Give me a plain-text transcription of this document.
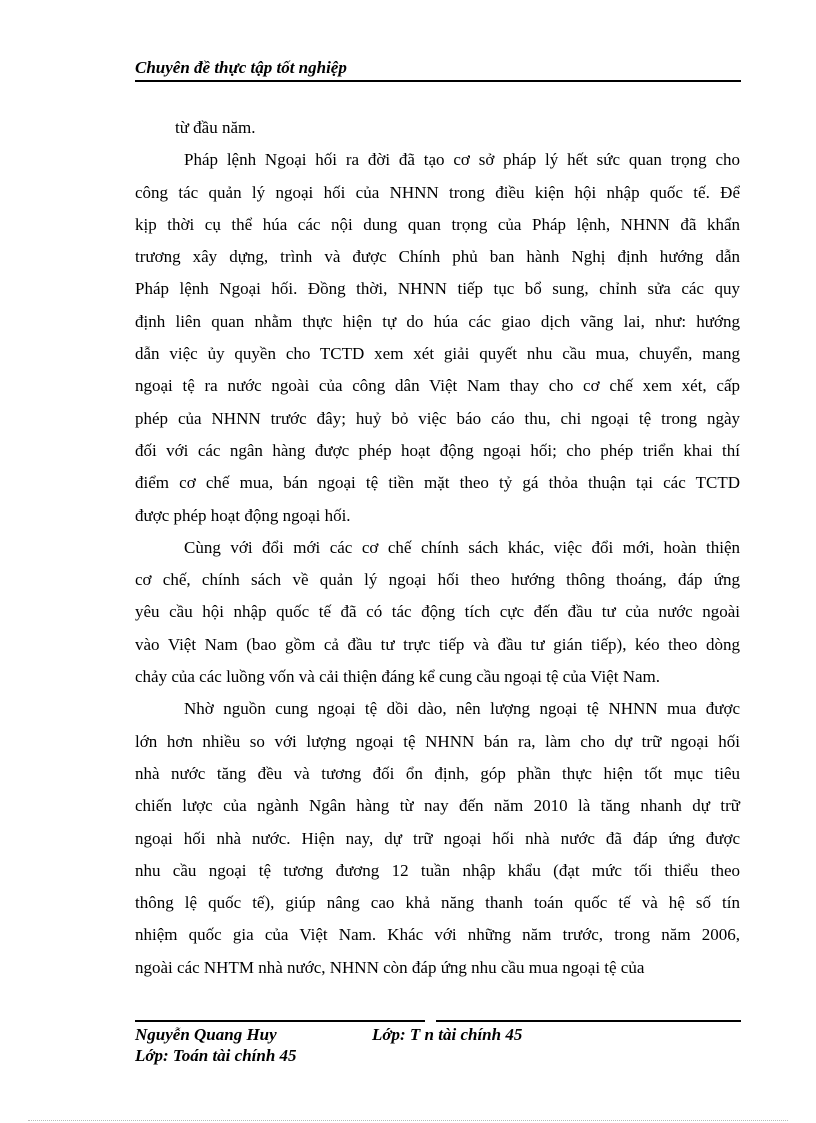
Chuyên đề thực tập tốt nghiệp

từ đầu năm.

Pháp lệnh Ngoại hối ra đời đã tạo cơ sở pháp lý hết sức quan trọng cho
công tác quản lý ngoại hối của NHNN trong điều kiện hội nhập quốc tế. Để
kịp thời cụ thể húa các nội dung quan trọng của Pháp lệnh, NHNN đã khẩn
trương xây dựng, trình và được Chính phủ ban hành Nghị định hướng dẫn
Pháp lệnh Ngoại hối. Đồng thời, NHNN tiếp tục bổ sung, chỉnh sửa các quy
định liên quan nhằm thực hiện tự do húa các giao dịch vãng lai, như: hướng
dẫn việc ủy quyền cho TCTD xem xét giải quyết nhu cầu mua, chuyển, mang
ngoại tệ ra nước ngoài của công dân Việt Nam thay cho cơ chế xem xét, cấp
phép của NHNN trước đây; huỷ bỏ việc báo cáo thu, chi ngoại tệ trong ngày
đối với các ngân hàng được phép hoạt động ngoại hối; cho phép triển khai thí
điểm cơ chế mua, bán ngoại tệ tiền mặt theo tỷ gá thỏa thuận tại các TCTD
được phép hoạt động ngoại hối.

Cùng với đổi mới các cơ chế chính sách khác, việc đổi mới, hoàn thiện
cơ chế, chính sách về quản lý ngoại hối theo hướng thông thoáng, đáp ứng
yêu cầu hội nhập quốc tế đã có tác động tích cực đến đầu tư của nước ngoài
vào Việt Nam (bao gồm cả đầu tư trực tiếp và đầu tư gián tiếp), kéo theo dòng
chảy của các luồng vốn và cải thiện đáng kể cung cầu ngoại tệ của Việt Nam.

Nhờ nguồn cung ngoại tệ dồi dào, nên lượng ngoại tệ NHNN mua được
lớn hơn nhiều so với lượng ngoại tệ NHNN bán ra, làm cho dự trữ ngoại hối
nhà nước tăng đều và tương đối ổn định, góp phần thực hiện tốt mục tiêu
chiến lược của ngành Ngân hàng từ nay đến năm 2010 là tăng nhanh dự trữ
ngoại hối nhà nước. Hiện nay, dự trữ ngoại hối nhà nước đã đáp ứng được
nhu cầu ngoại tệ tương đương 12 tuần nhập khẩu (đạt mức tối thiểu theo
thông lệ quốc tế), giúp nâng cao khả năng thanh toán quốc tế và hệ số tín
nhiệm quốc gia của Việt Nam. Khác với những năm trước, trong năm 2006,
ngoài các NHTM nhà nước, NHNN còn đáp ứng nhu cầu mua ngoại tệ của

Nguyễn Quang Huy	Lớp: T n tài chính 45
Lớp: Toán tài chính 45
